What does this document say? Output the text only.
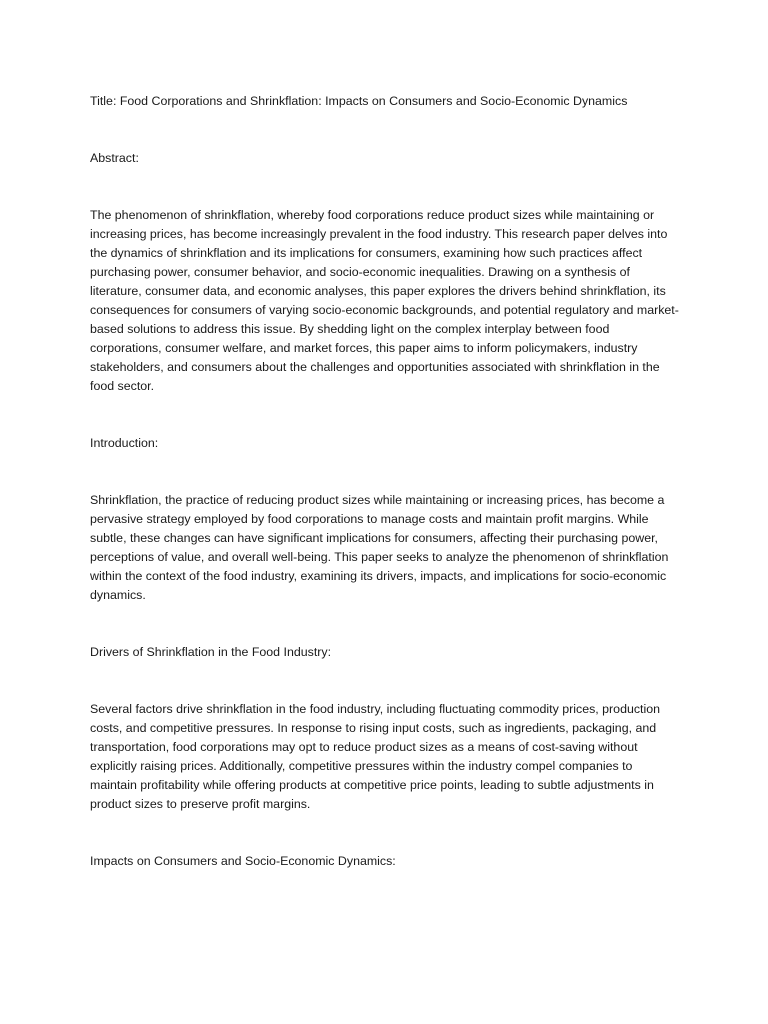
Title: Food Corporations and Shrinkflation: Impacts on Consumers and Socio-Economic Dynamics

Abstract:

The phenomenon of shrinkflation, whereby food corporations reduce product sizes while maintaining or increasing prices, has become increasingly prevalent in the food industry. This research paper delves into the dynamics of shrinkflation and its implications for consumers, examining how such practices affect purchasing power, consumer behavior, and socio-economic inequalities. Drawing on a synthesis of literature, consumer data, and economic analyses, this paper explores the drivers behind shrinkflation, its consequences for consumers of varying socio-economic backgrounds, and potential regulatory and market-based solutions to address this issue. By shedding light on the complex interplay between food corporations, consumer welfare, and market forces, this paper aims to inform policymakers, industry stakeholders, and consumers about the challenges and opportunities associated with shrinkflation in the food sector.

Introduction:

Shrinkflation, the practice of reducing product sizes while maintaining or increasing prices, has become a pervasive strategy employed by food corporations to manage costs and maintain profit margins. While subtle, these changes can have significant implications for consumers, affecting their purchasing power, perceptions of value, and overall well-being. This paper seeks to analyze the phenomenon of shrinkflation within the context of the food industry, examining its drivers, impacts, and implications for socio-economic dynamics.

Drivers of Shrinkflation in the Food Industry:

Several factors drive shrinkflation in the food industry, including fluctuating commodity prices, production costs, and competitive pressures. In response to rising input costs, such as ingredients, packaging, and transportation, food corporations may opt to reduce product sizes as a means of cost-saving without explicitly raising prices. Additionally, competitive pressures within the industry compel companies to maintain profitability while offering products at competitive price points, leading to subtle adjustments in product sizes to preserve profit margins.

Impacts on Consumers and Socio-Economic Dynamics:
